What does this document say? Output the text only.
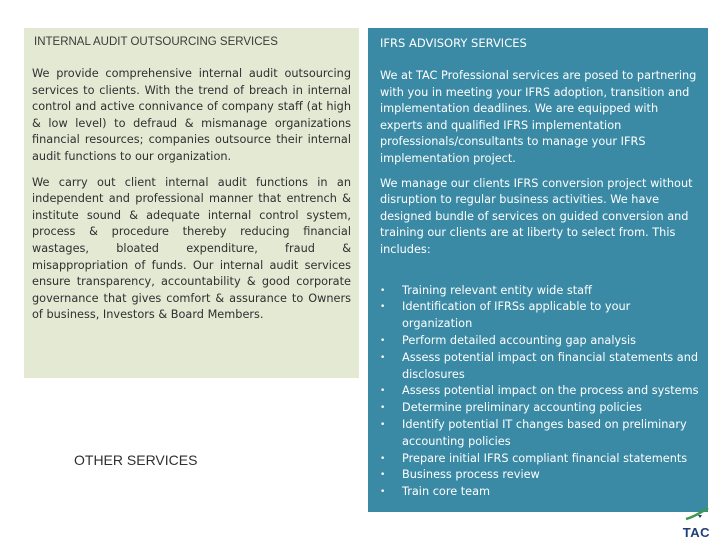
INTERNAL AUDIT OUTSOURCING SERVICES

We provide comprehensive internal audit outsourcing services to clients. With the trend of breach in internal control and active connivance of company staff (at high & low level) to defraud & mismanage organizations financial resources; companies outsource their internal audit functions to our organization.

We carry out client internal audit functions in an independent and professional manner that entrench & institute sound & adequate internal control system, process & procedure thereby reducing financial wastages, bloated expenditure, fraud & misappropriation of funds. Our internal audit services ensure transparency, accountability & good corporate governance that gives comfort & assurance to Owners of business, Investors & Board Members.

OTHER SERVICES
IFRS ADVISORY SERVICES

We at TAC Professional services are posed to partnering with you in meeting your IFRS adoption, transition and implementation deadlines. We are equipped with experts and qualified IFRS implementation professionals/consultants to manage your IFRS implementation project.

We manage our clients IFRS conversion project without disruption to regular business activities. We have designed bundle of services on guided conversion and training our clients are at liberty to select from. This includes:

• Training relevant entity wide staff
• Identification of IFRSs applicable to your organization
• Perform detailed accounting gap analysis
• Assess potential impact on financial statements and disclosures
• Assess potential impact on the process and systems
• Determine preliminary accounting policies
• Identify potential IT changes based on preliminary accounting policies
• Prepare initial IFRS compliant financial statements
• Business process review
• Train core team
TAC
